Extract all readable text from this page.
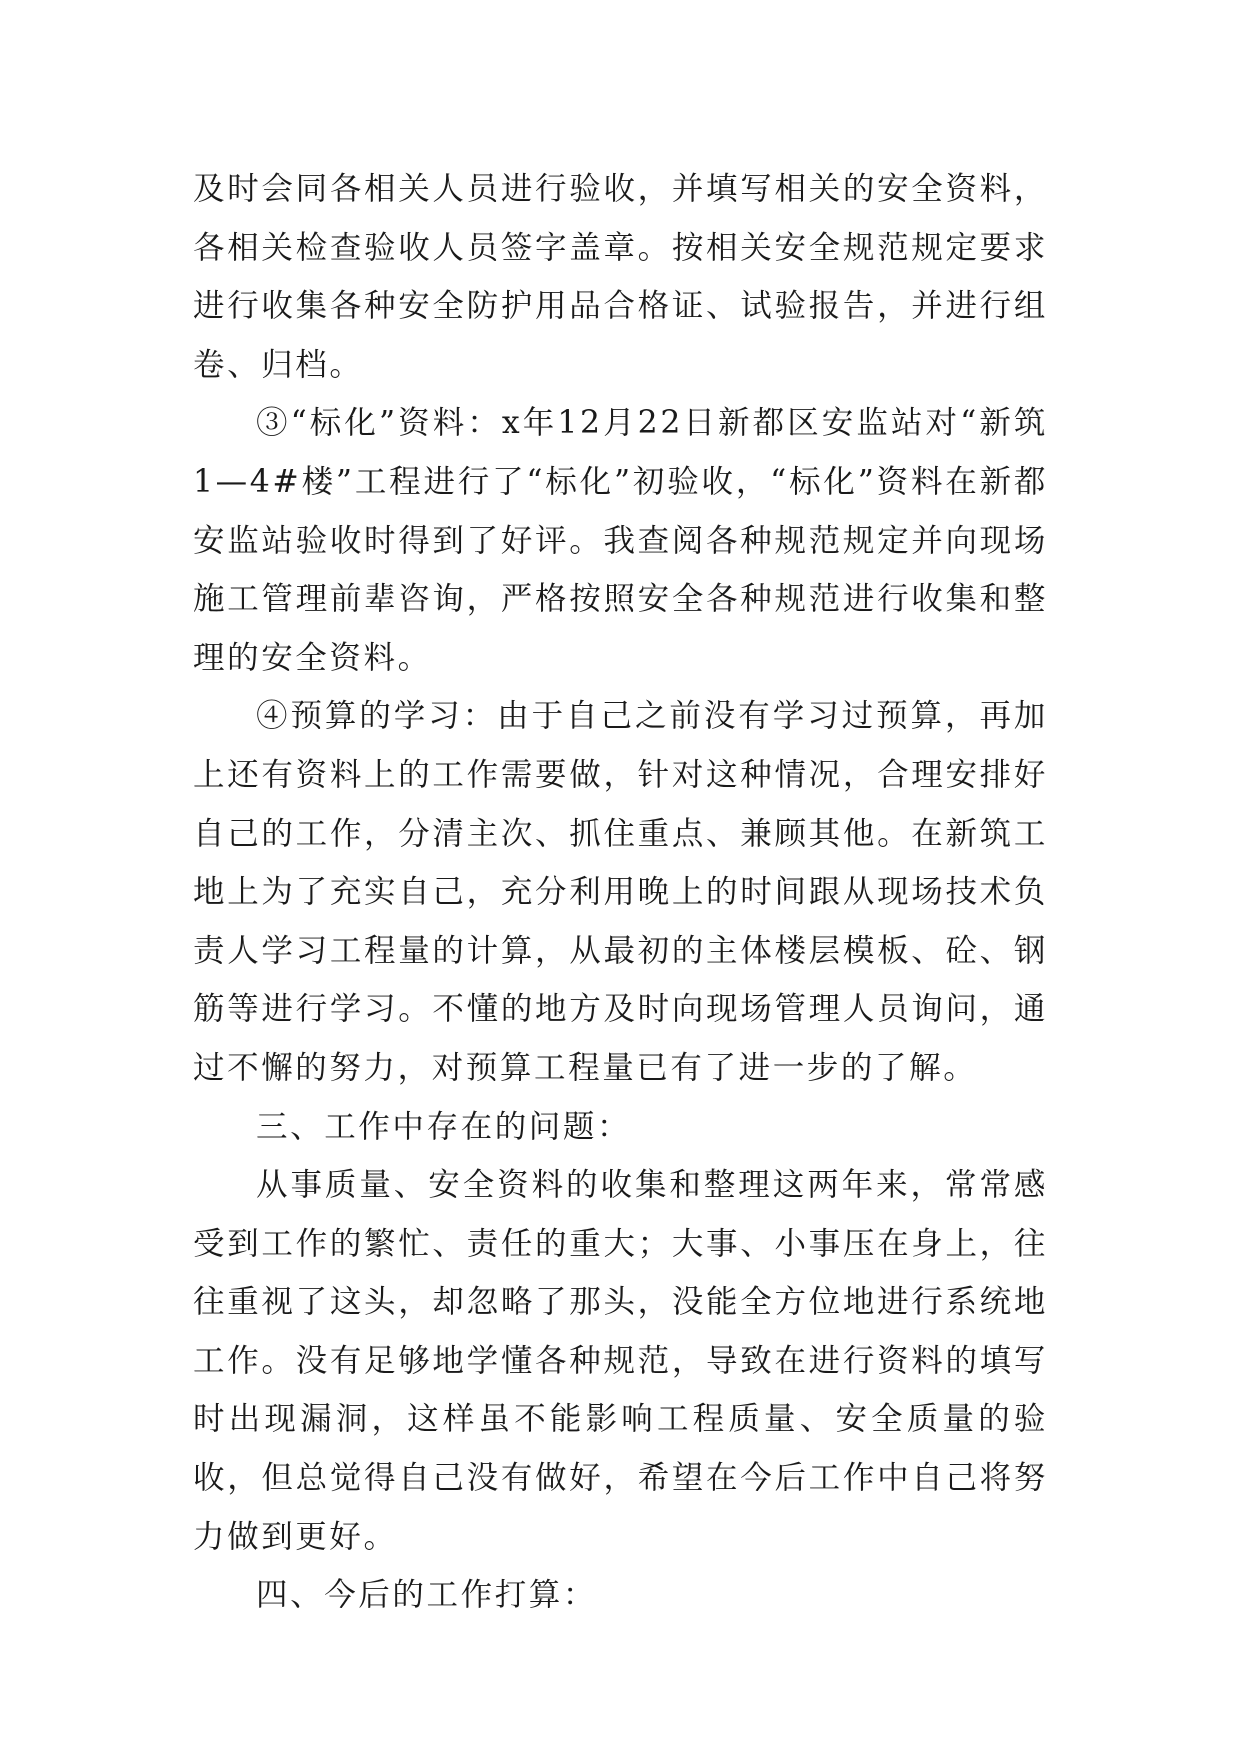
及时会同各相关人员进行验收，并填写相关的安全资料，各相关检查验收人员签字盖章。按相关安全规范规定要求进行收集各种安全防护用品合格证、试验报告，并进行组卷、归档。

③“标化”资料：x年12月22日新都区安监站对“新筑1—4#楼”工程进行了“标化”初验收，“标化”资料在新都安监站验收时得到了好评。我查阅各种规范规定并向现场施工管理前辈咨询，严格按照安全各种规范进行收集和整理的安全资料。

④预算的学习：由于自己之前没有学习过预算，再加上还有资料上的工作需要做，针对这种情况，合理安排好自己的工作，分清主次、抓住重点、兼顾其他。在新筑工地上为了充实自己，充分利用晚上的时间跟从现场技术负责人学习工程量的计算，从最初的主体楼层模板、砼、钢筋等进行学习。不懂的地方及时向现场管理人员询问，通过不懈的努力，对预算工程量已有了进一步的了解。

三、工作中存在的问题：

从事质量、安全资料的收集和整理这两年来，常常感受到工作的繁忙、责任的重大；大事、小事压在身上，往往重视了这头，却忽略了那头，没能全方位地进行系统地工作。没有足够地学懂各种规范，导致在进行资料的填写时出现漏洞，这样虽不能影响工程质量、安全质量的验收，但总觉得自己没有做好，希望在今后工作中自己将努力做到更好。

四、今后的工作打算：
